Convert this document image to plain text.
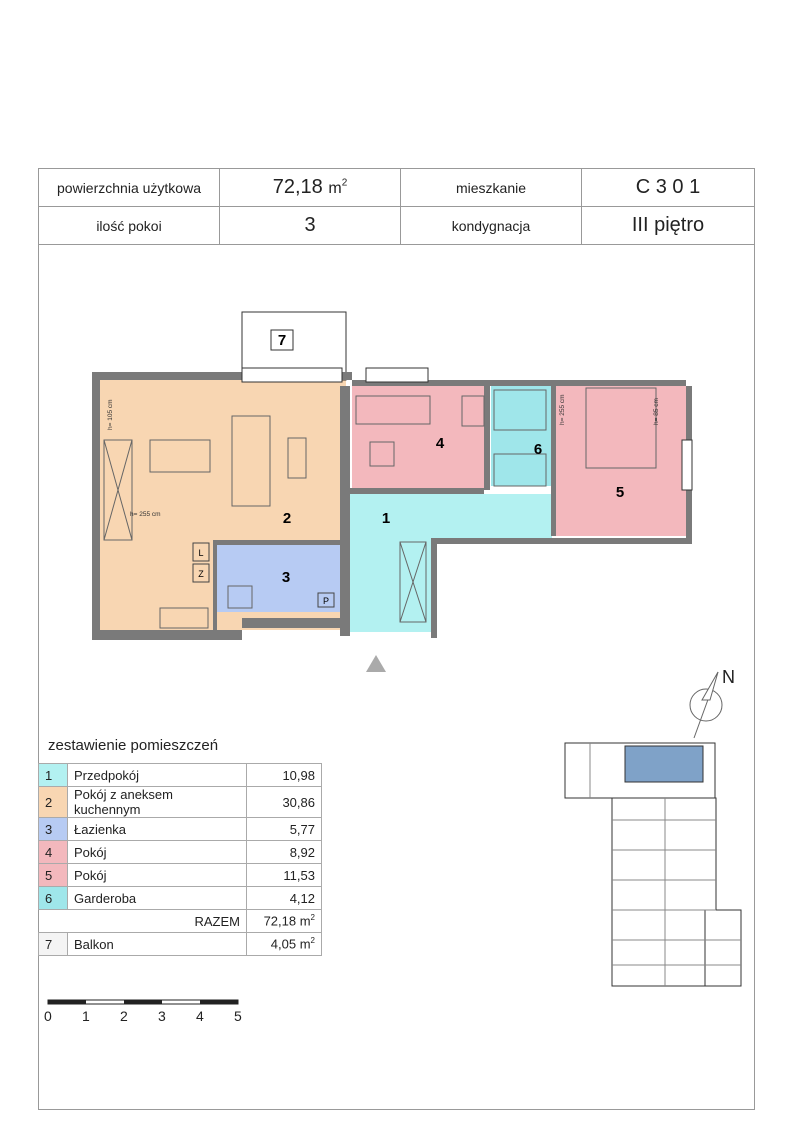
powierzchnia użytkowa	72,18 $m^2$	mieszkanie	C 3 0 1
ilość pokoi	3	kondygnacja	III piętro
7
2	1
3
4	6
5
L
Z
P
h= 105 cm
h= 255 cm
h= 255 cm	h= 85 cm
N
zestawienie pomieszczeń
1	Przedpokój	10,98
2	Pokój z aneksem kuchennym	30,86
3	Łazienka	5,77
4	Pokój	8,92
5	Pokój	11,53
6	Garderoba	4,12
	RAZEM	72,18 $m^2$
7	Balkon	4,05 $m^2$
0 1 2 3 4 5
